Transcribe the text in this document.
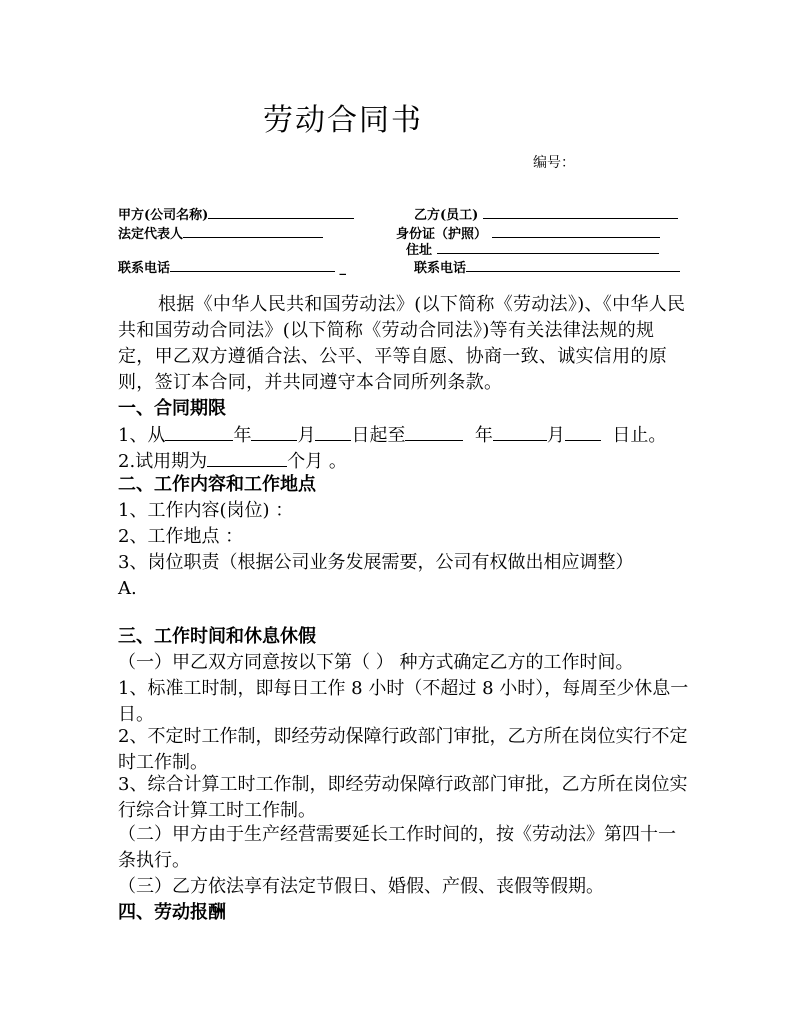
劳动合同书
编号：
甲方(公司名称)
法定代表人
联系电话	_
乙方(员工)
身份证（护照）
住址
联系电话

根据《中华人民共和国劳动法》(以下简称《劳动法》)、《中华人民共和国劳动合同法》(以下简称《劳动合同法》)等有关法律法规的规定，甲乙双方遵循合法、公平、平等自愿、协商一致、诚实信用的原则，签订本合同，并共同遵守本合同所列条款。

一、合同期限
1、从	年	月 日起至	年	月	日止。
2.试用期为	个月 。
二、工作内容和工作地点
1、工作内容(岗位) ：
2、工作地点 ：
3、岗位职责（根据公司业务发展需要，公司有权做出相应调整）
A.
三、工作时间和休息休假
（一）甲乙双方同意按以下第（ ） 种方式确定乙方的工作时间。

1、标准工时制，即每日工作 8 小时（不超过 8 小时），每周至少休息一日。

2、不定时工作制，即经劳动保障行政部门审批，乙方所在岗位实行不定时工作制。

3、综合计算工时工作制，即经劳动保障行政部门审批，乙方所在岗位实行综合计算工时工作制。

（二）甲方由于生产经营需要延长工作时间的，按《劳动法》第四十一条执行。

（三）乙方依法享有法定节假日、婚假、产假、丧假等假期。
四、劳动报酬
